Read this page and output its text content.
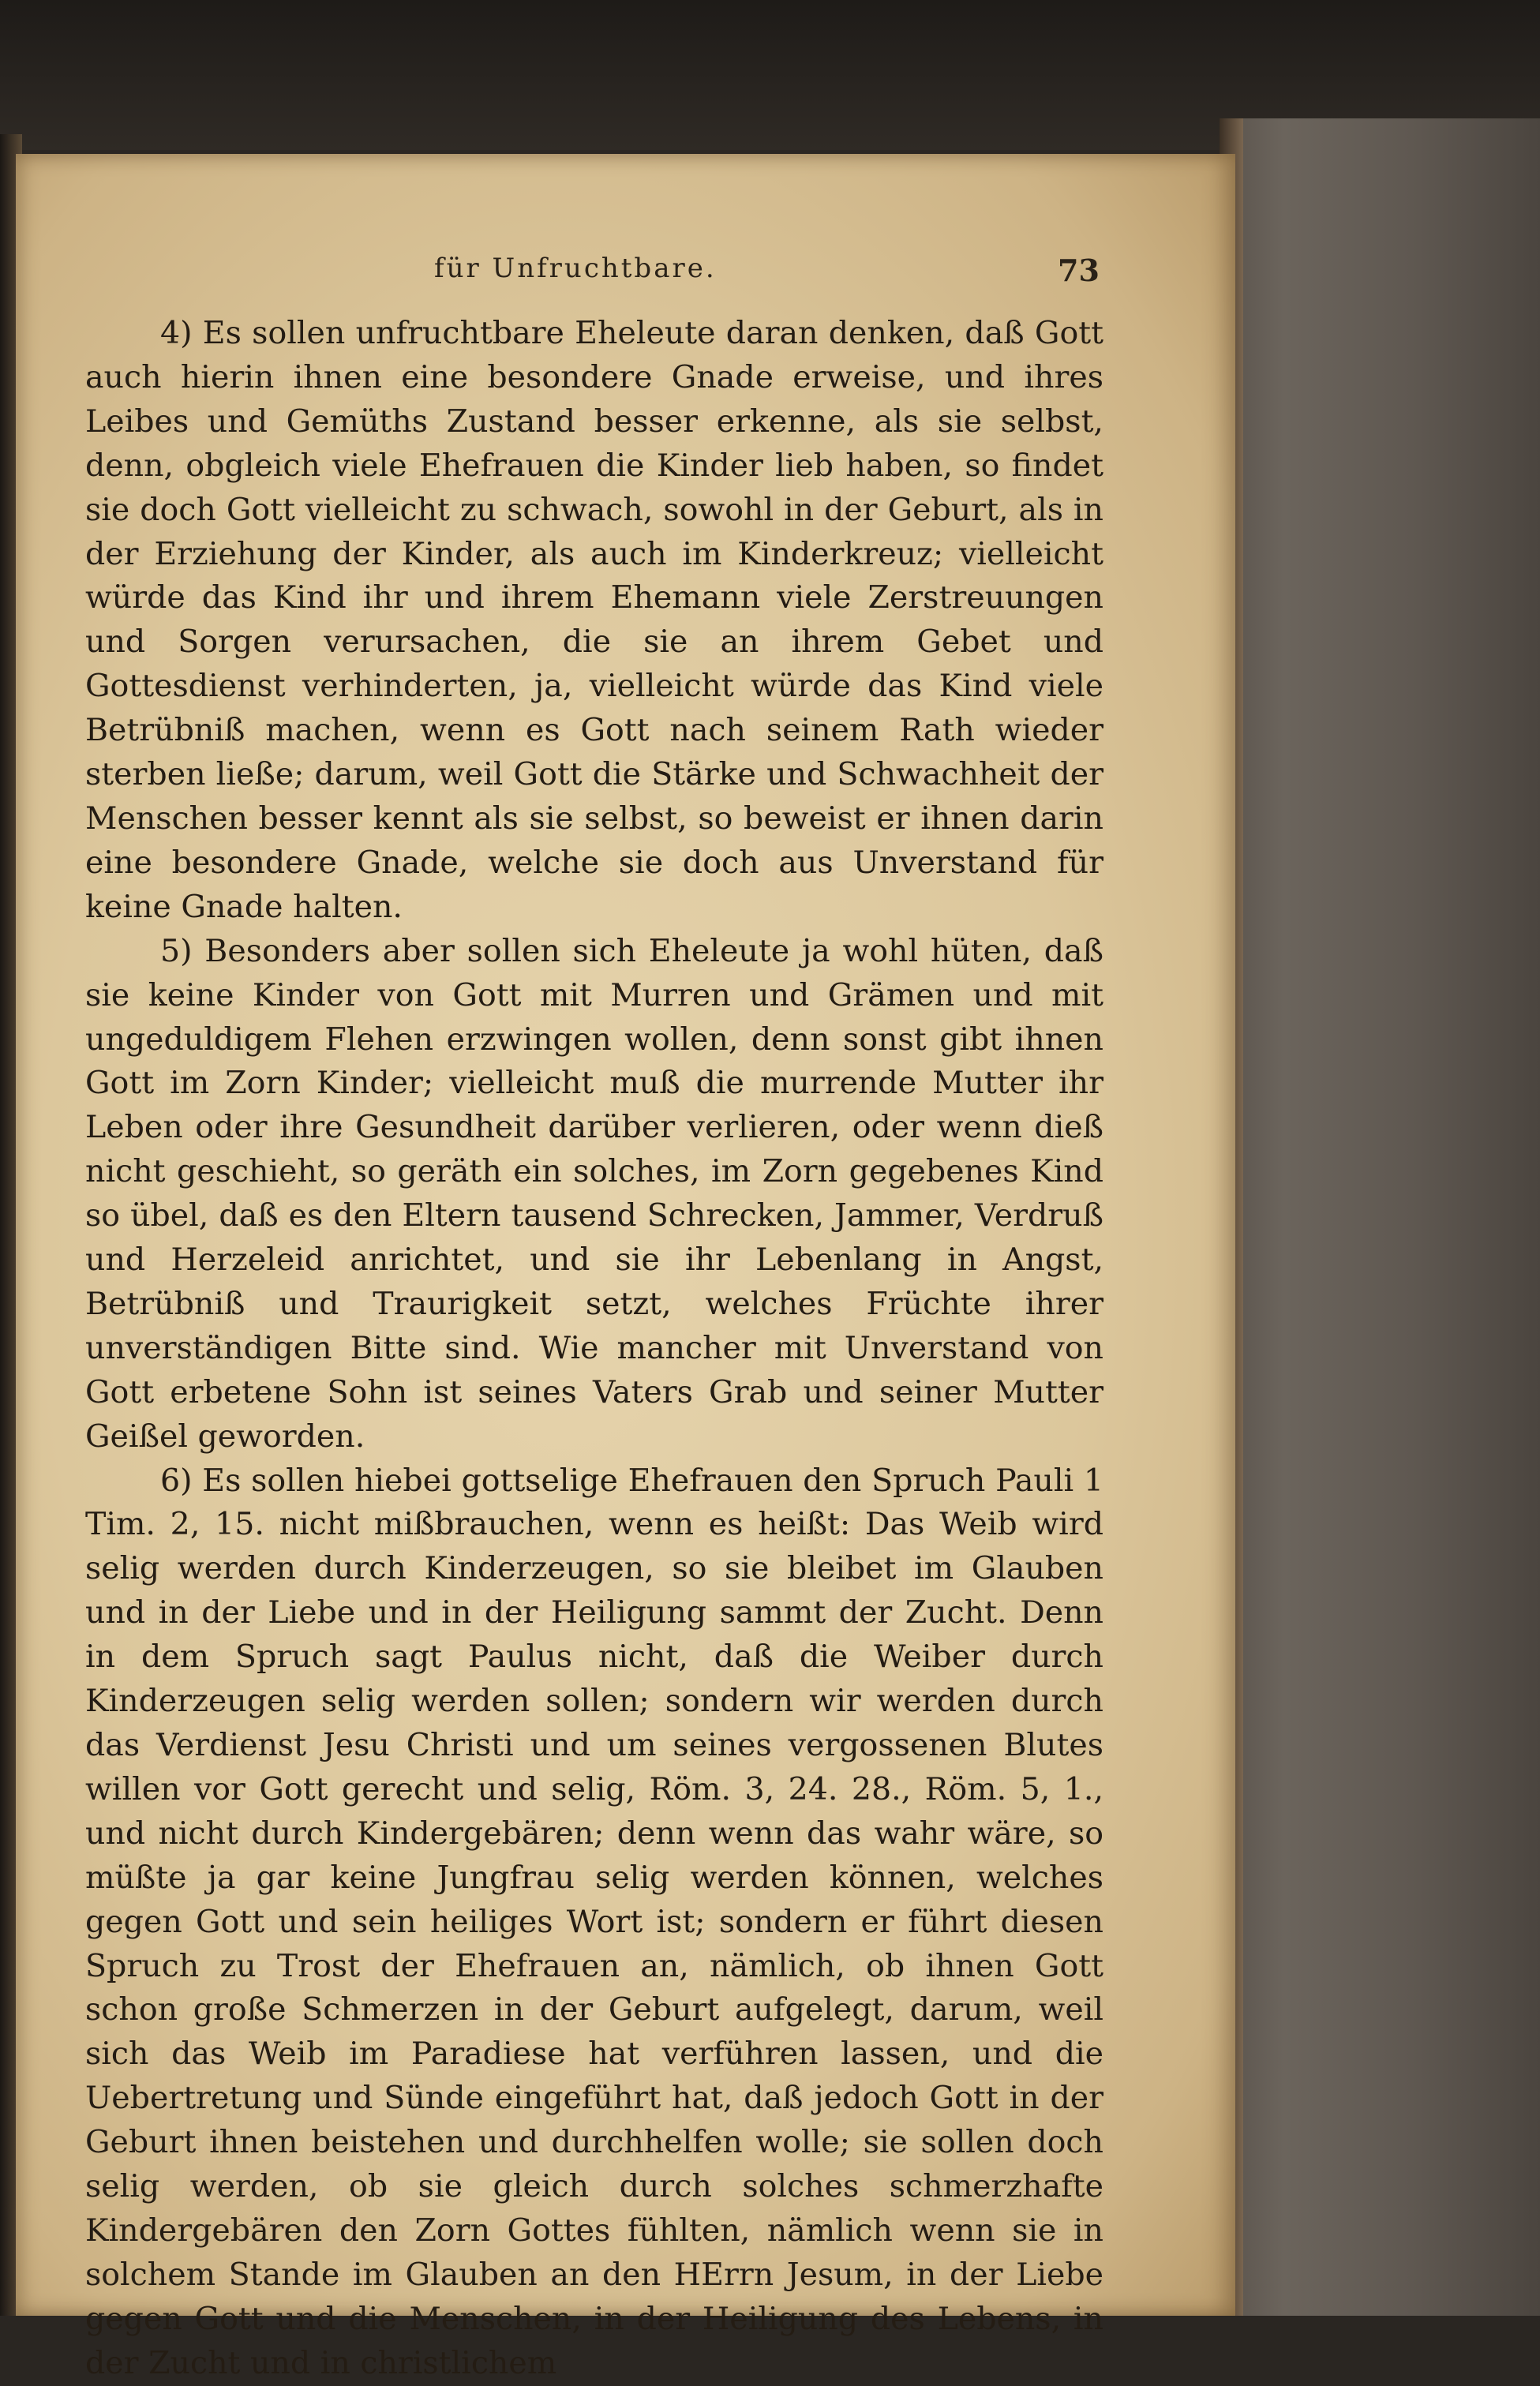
für Unfruchtbare.	73

4) Es sollen unfruchtbare Eheleute daran denken, daß Gott auch hierin ihnen eine besondere Gnade erweise, und ihres Leibes und Gemüths Zustand besser erkenne, als sie selbst, denn, obgleich viele Ehefrauen die Kinder lieb haben, so findet sie doch Gott vielleicht zu schwach, sowohl in der Geburt, als in der Erziehung der Kinder, als auch im Kinderkreuz; vielleicht würde das Kind ihr und ihrem Ehemann viele Zerstreuungen und Sorgen verursachen, die sie an ihrem Gebet und Gottesdienst verhinderten, ja, vielleicht würde das Kind viele Betrübniß machen, wenn es Gott nach seinem Rath wieder sterben ließe; darum, weil Gott die Stärke und Schwachheit der Menschen besser kennt als sie selbst, so beweist er ihnen darin eine besondere Gnade, welche sie doch aus Unverstand für keine Gnade halten.

5) Besonders aber sollen sich Eheleute ja wohl hüten, daß sie keine Kinder von Gott mit Murren und Grämen und mit ungeduldigem Flehen erzwingen wollen, denn sonst gibt ihnen Gott im Zorn Kinder; vielleicht muß die murrende Mutter ihr Leben oder ihre Gesundheit darüber verlieren, oder wenn dieß nicht geschieht, so geräth ein solches, im Zorn gegebenes Kind so übel, daß es den Eltern tausend Schrecken, Jammer, Verdruß und Herzeleid anrichtet, und sie ihr Lebenlang in Angst, Betrübniß und Traurigkeit setzt, welches Früchte ihrer unverständigen Bitte sind. Wie mancher mit Unverstand von Gott erbetene Sohn ist seines Vaters Grab und seiner Mutter Geißel geworden.

6) Es sollen hiebei gottselige Ehefrauen den Spruch Pauli 1 Tim. 2, 15. nicht mißbrauchen, wenn es heißt: Das Weib wird selig werden durch Kinderzeugen, so sie bleibet im Glauben und in der Liebe und in der Heiligung sammt der Zucht. Denn in dem Spruch sagt Paulus nicht, daß die Weiber durch Kinderzeugen selig werden sollen; sondern wir werden durch das Verdienst Jesu Christi und um seines vergossenen Blutes willen vor Gott gerecht und selig, Röm. 3, 24. 28., Röm. 5, 1., und nicht durch Kindergebären; denn wenn das wahr wäre, so müßte ja gar keine Jungfrau selig werden können, welches gegen Gott und sein heiliges Wort ist; sondern er führt diesen Spruch zu Trost der Ehefrauen an, nämlich, ob ihnen Gott schon große Schmerzen in der Geburt aufgelegt, darum, weil sich das Weib im Paradiese hat verführen lassen, und die Uebertretung und Sünde eingeführt hat, daß jedoch Gott in der Geburt ihnen beistehen und durchhelfen wolle; sie sollen doch selig werden, ob sie gleich durch solches schmerzhafte Kindergebären den Zorn Gottes fühlten, nämlich wenn sie in solchem Stande im Glauben an den HErrn Jesum, in der Liebe gegen Gott und die Menschen, in der Heiligung des Lebens, in der Zucht und in christlichem
